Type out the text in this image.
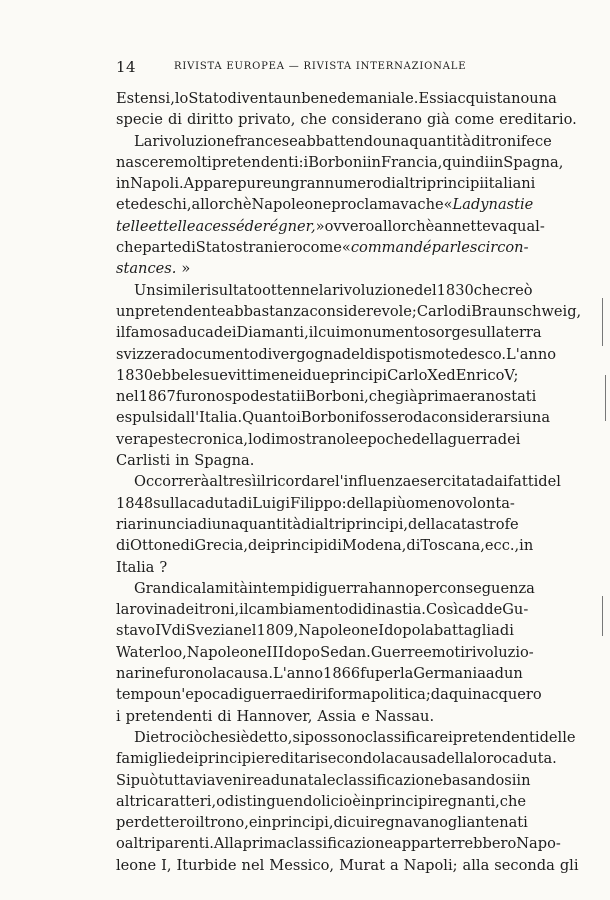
14	RIVISTA EUROPEA — RIVISTA INTERNAZIONALE
Estensi, lo Stato diventa un bene demaniale. Essi acquistano una
specie di diritto privato, che considerano già come ereditario.
La rivoluzione francese abbattendo una quantità di troni fece
nascere molti pretendenti: i Borboni in Francia, quindi in Spagna,
in Napoli. Appare pure un gran numero di altri principi italiani
e tedeschi, allorchè Napoleone proclamava che « La dynastie
telle et telle a cessé de régner, » ovvero allorchè annetteva qual-
che parte di Stato straniero come « commandé par les circon-
stances. »
Un simile risultato ottenne la rivoluzione del 1830 che creò
un pretendente abbastanza considerevole; Carlo di Braunschweig,
il famosa duca dei Diamanti, il cui monumento sorge sulla terra
svizzera documento di vergogna del dispotismo tedesco. L' anno
1830 ebbe le sue vittime nei due principi Carlo X ed Enrico V;
nel 1867 furono spodestati i Borboni, che già prima erano stati
espulsi dall'Italia. Quanto i Borboni fossero da considerarsi una
vera peste cronica, lo dimostrano le epoche della guerra dei
Carlisti in Spagna.
Occorrerà altresì il ricordare l'influenza esercitata dai fatti del
1848 sulla caduta di Luigi Filippo: della più o meno volonta-
ria rinuncia di una quantità di altri principi, della catastrofe
di Ottone di Grecia, dei principi di Modena, di Toscana, ecc., in
Italia ?
Grandi calamità in tempi di guerra hanno per conseguenza
la rovina dei troni, il cambiamento di dinastia. Così cadde Gu-
stavo IV di Svezia nel 1809, Napoleone I dopo la battaglia di
Waterloo, Napoleone III dopo Sedan. Guerre e moti rivoluzio-
nari ne furono la causa. L'anno 1866 fu per la Germania ad un
tempo un'epoca di guerra e di riforma politica; da qui nacquero
i pretendenti di Hannover, Assia e Nassau.
Dietro ciò che si è detto, si possono classificare i pretendenti delle
famiglie dei principi ereditari secondo la causa della loro caduta.
Si può tuttavia venire ad una tale classificazione basandosi in
altri caratteri, o distinguendoli cioè in principi regnanti, che
perdettero il trono, e in principi, di cui regnavano gli antenati
o altri parenti. Alla prima classificazione apparterrebbero Napo-
leone I, Iturbide nel Messico, Murat a Napoli; alla seconda gli
